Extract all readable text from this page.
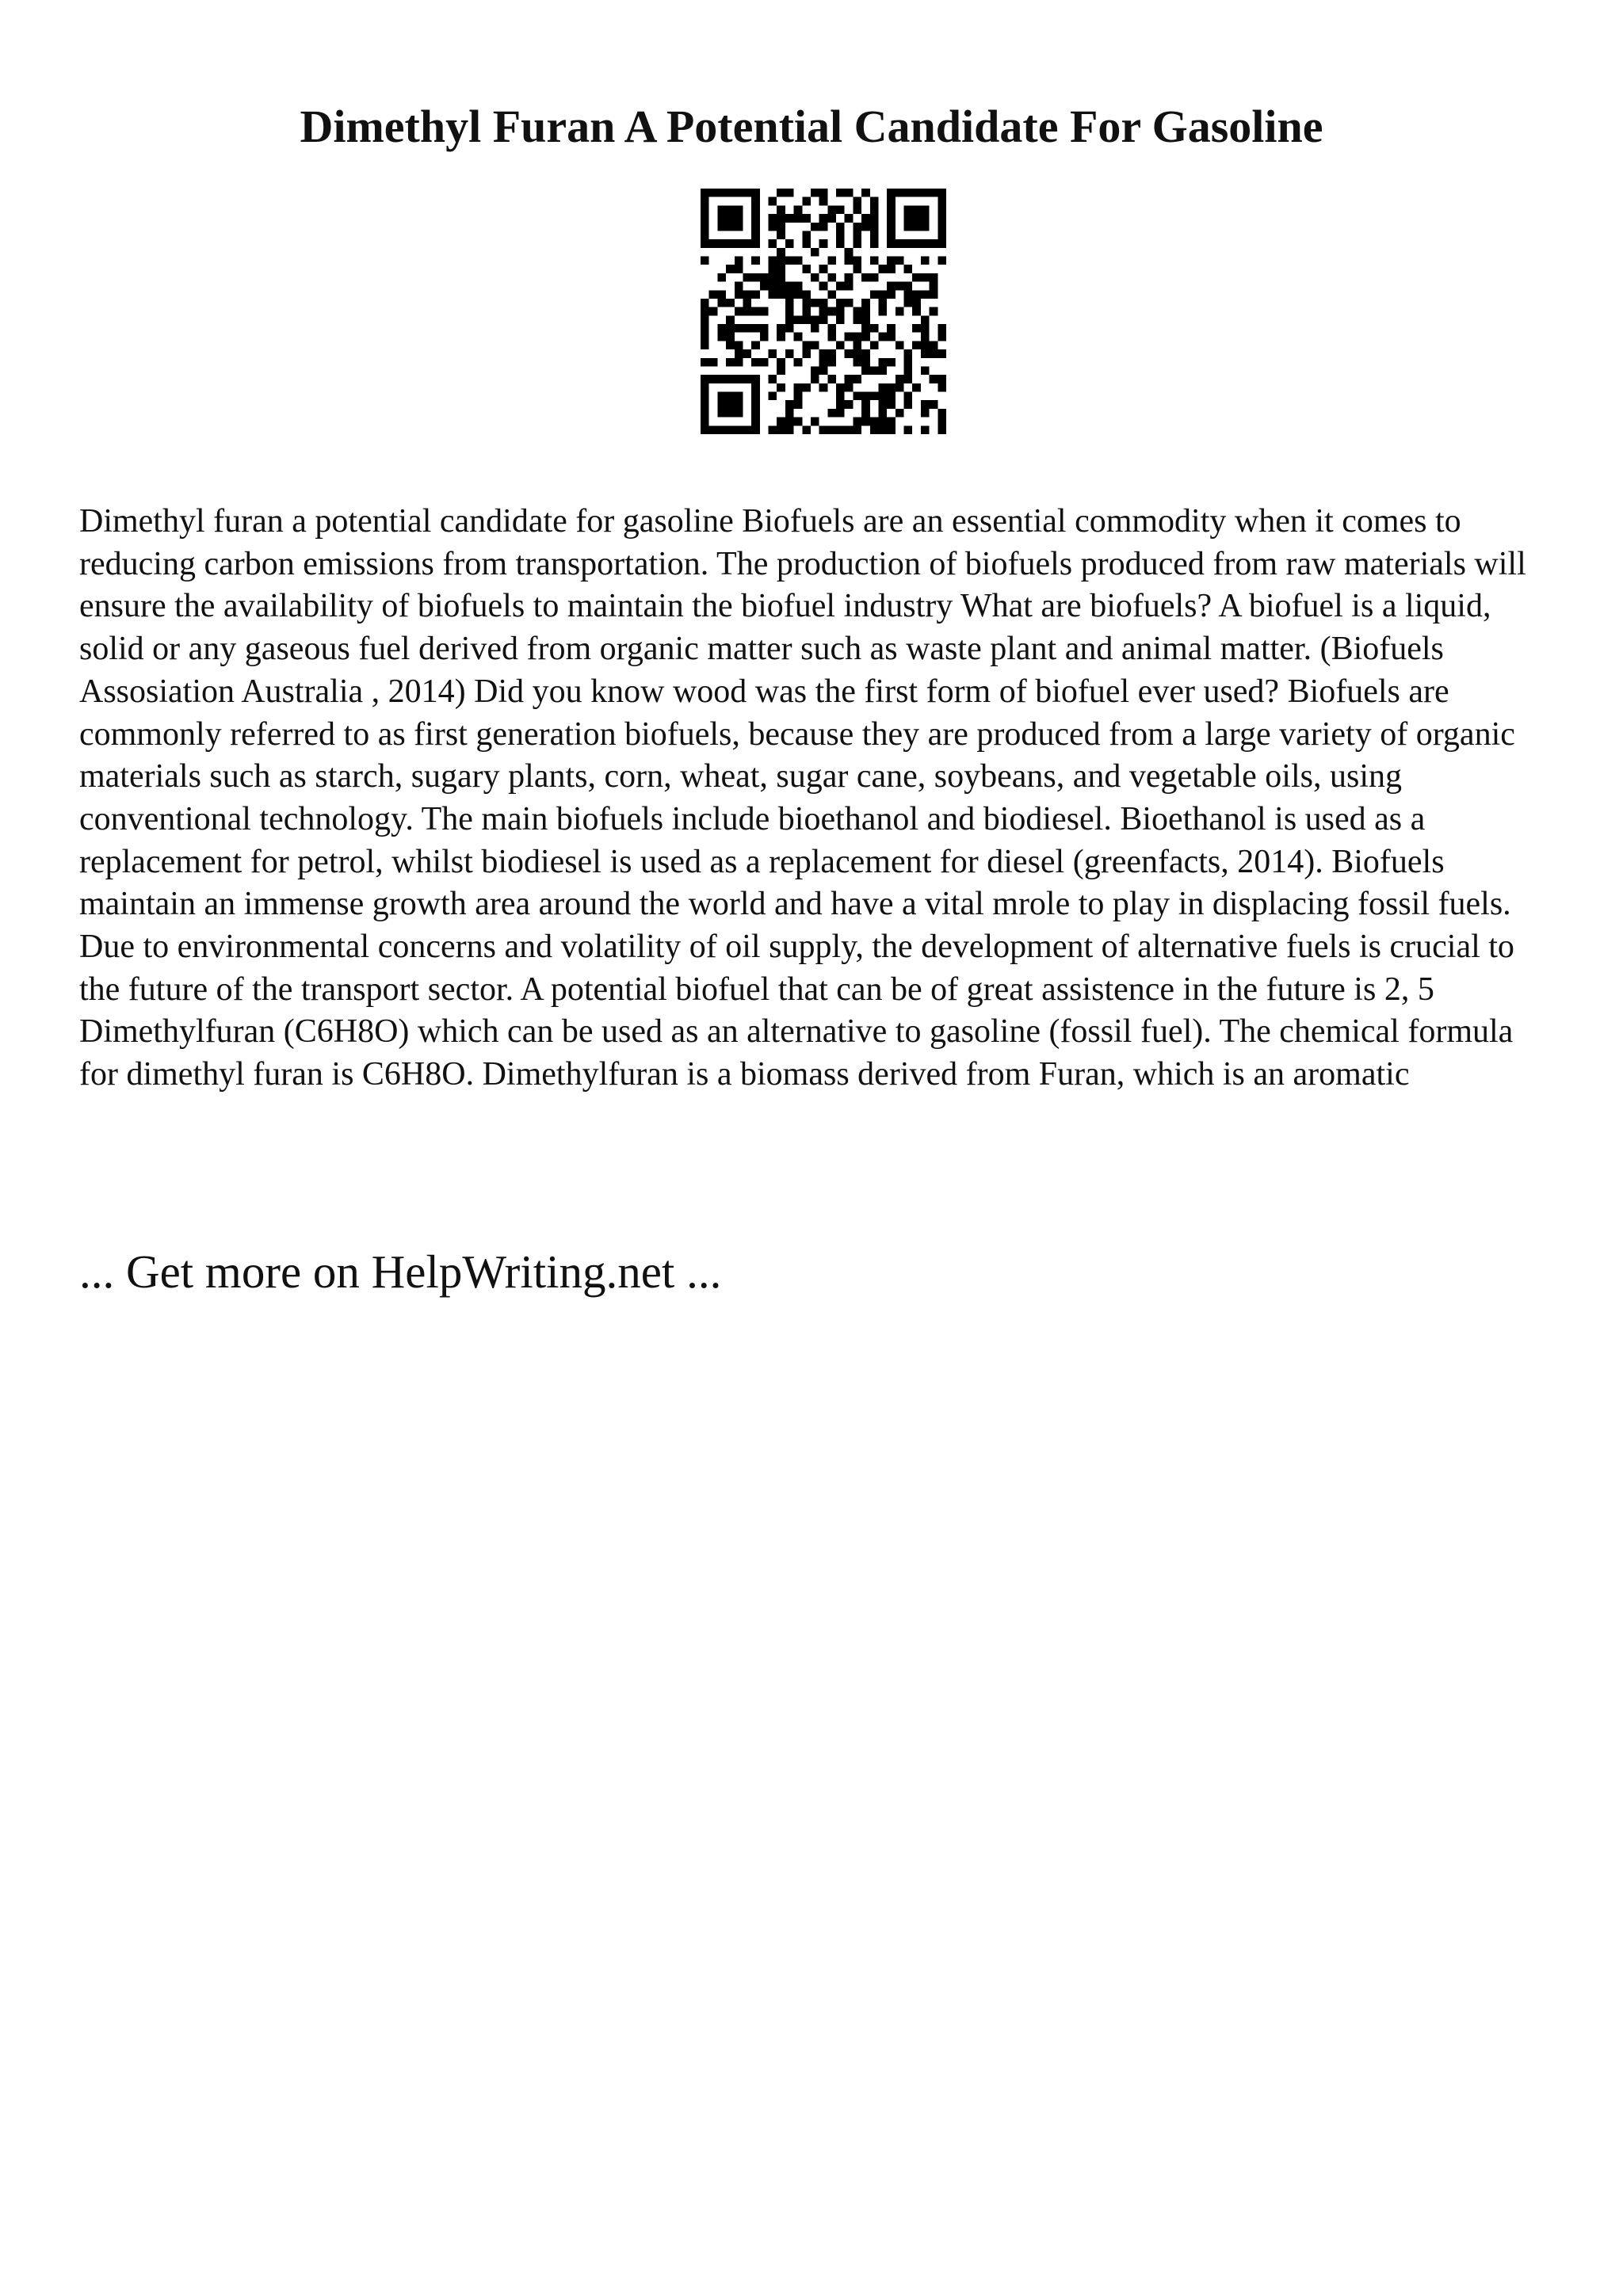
Dimethyl Furan A Potential Candidate For Gasoline

Dimethyl furan a potential candidate for gasoline Biofuels are an essential commodity when it comes to reducing carbon emissions from transportation. The production of biofuels produced from raw materials will ensure the availability of biofuels to maintain the biofuel industry What are biofuels? A biofuel is a liquid, solid or any gaseous fuel derived from organic matter such as waste plant and animal matter. (Biofuels Assosiation Australia , 2014) Did you know wood was the first form of biofuel ever used? Biofuels are commonly referred to as first generation biofuels, because they are produced from a large variety of organic materials such as starch, sugary plants, corn, wheat, sugar cane, soybeans, and vegetable oils, using conventional technology. The main biofuels include bioethanol and biodiesel. Bioethanol is used as a replacement for petrol, whilst biodiesel is used as a replacement for diesel (greenfacts, 2014). Biofuels maintain an immense growth area around the world and have a vital mrole to play in displacing fossil fuels. Due to environmental concerns and volatility of oil supply, the development of alternative fuels is crucial to the future of the transport sector. A potential biofuel that can be of great assistence in the future is 2, 5 Dimethylfuran (C6H8O) which can be used as an alternative to gasoline (fossil fuel). The chemical formula for dimethyl furan is C6H8O. Dimethylfuran is a biomass derived from Furan, which is an aromatic

... Get more on HelpWriting.net ...
